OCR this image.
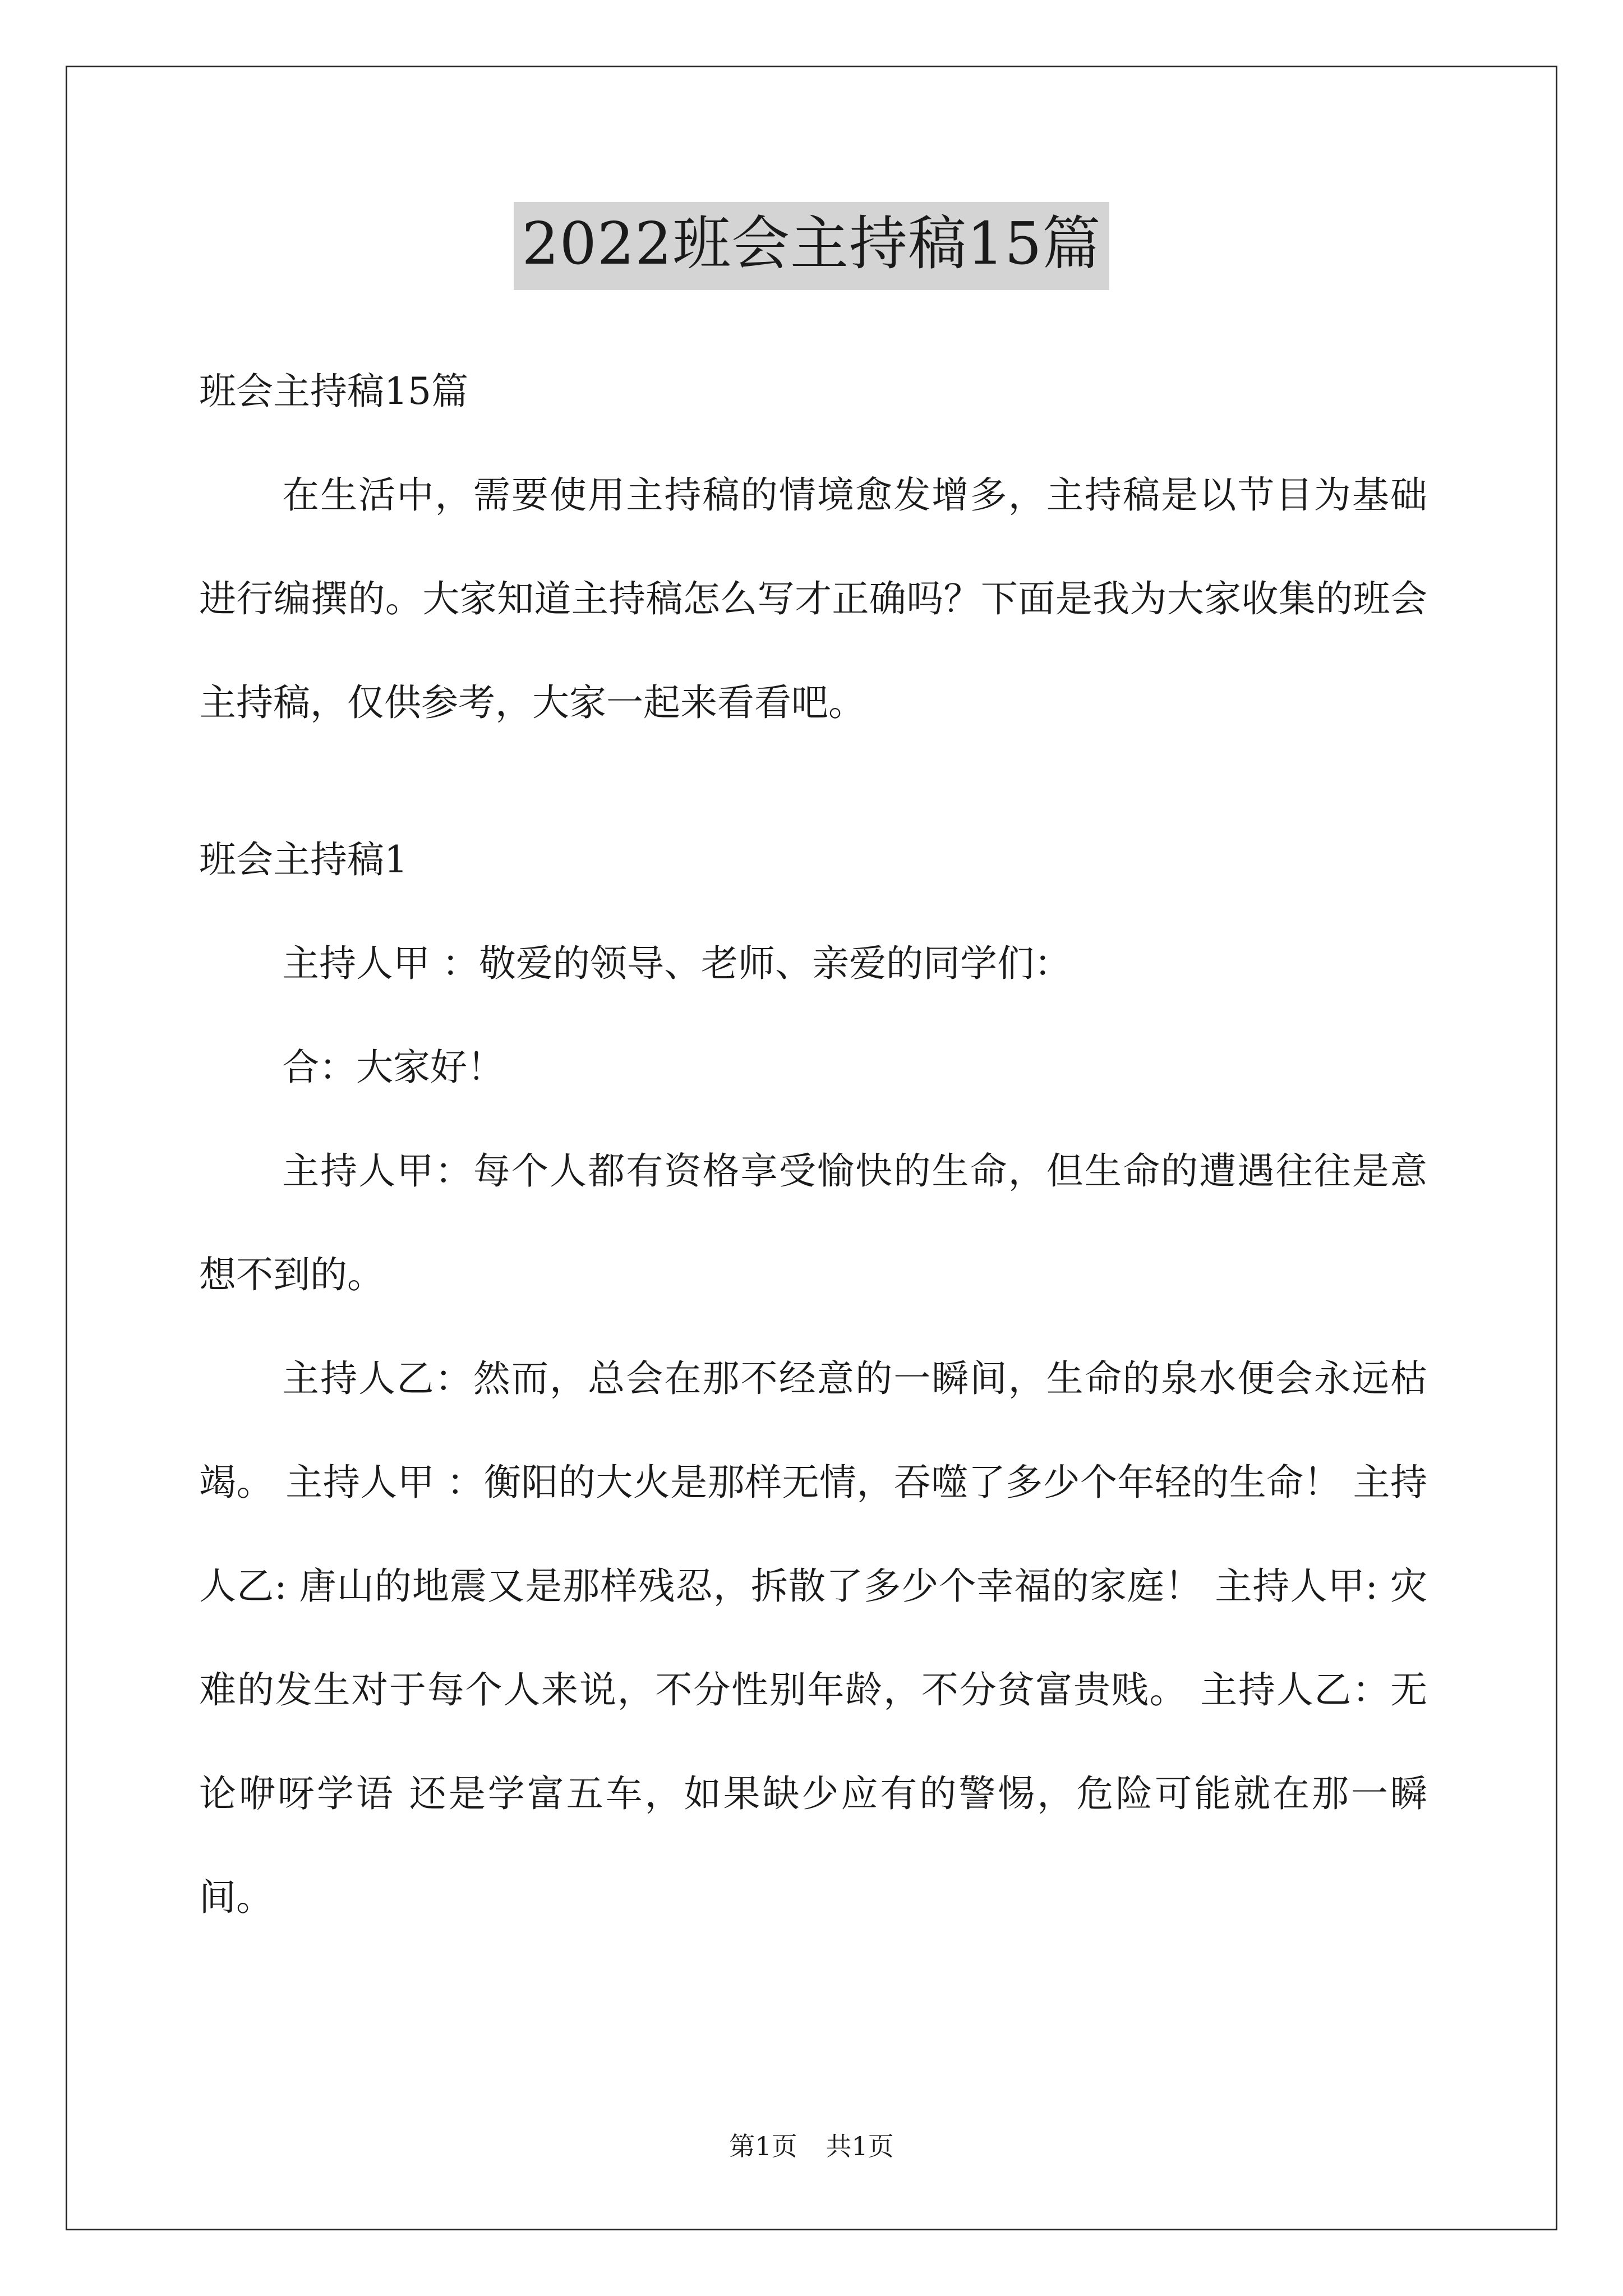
2022班会主持稿15篇

班会主持稿15篇

在生活中，需要使用主持稿的情境愈发增多，主持稿是以节目为基础进行编撰的。大家知道主持稿怎么写才正确吗？下面是我为大家收集的班会主持稿，仅供参考，大家一起来看看吧。

班会主持稿1

主持人甲 ：敬爱的领导、老师、亲爱的同学们：

合：大家好！

主持人甲：每个人都有资格享受愉快的生命，但生命的遭遇往往是意想不到的。

主持人乙：然而，总会在那不经意的一瞬间，生命的泉水便会永远枯竭。 主持人甲 ：衡阳的大火是那样无情，吞噬了多少个年轻的生命！ 主持人乙: 唐山的地震又是那样残忍，拆散了多少个幸福的家庭！ 主持人甲: 灾难的发生对于每个人来说，不分性别年龄，不分贫富贵贱。 主持人乙：无论咿呀学语 还是学富五车，如果缺少应有的警惕，危险可能就在那一瞬间。

第1页 共1页
